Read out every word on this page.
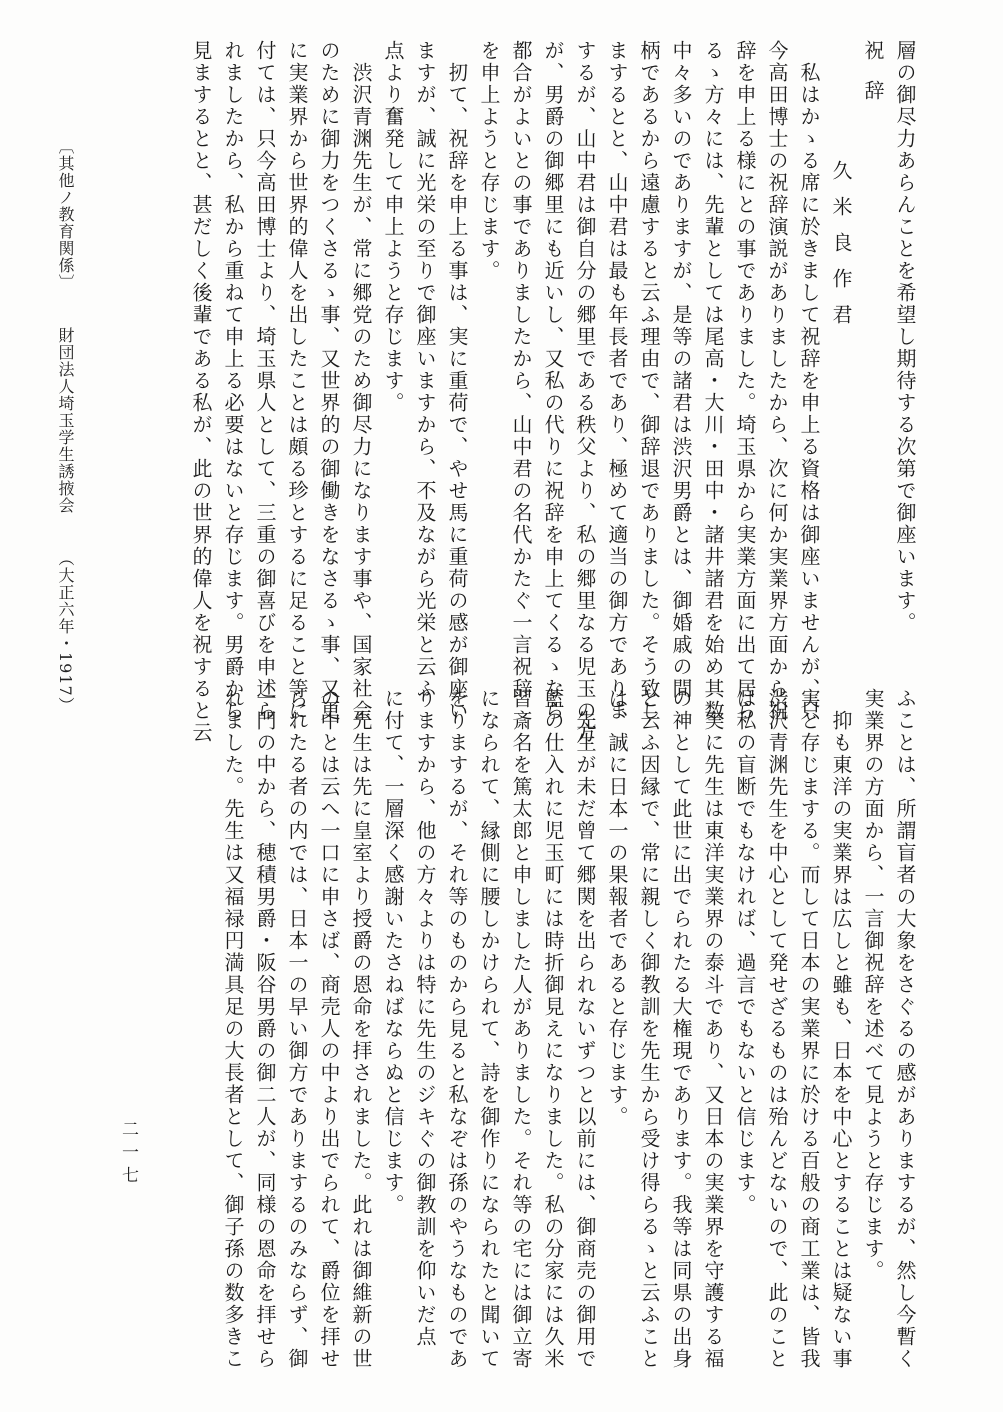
〔其他ノ教育関係〕財団法人埼玉学生誘掖会（大正六年・1917）	層の御尽力あらんことを希望し期待する次第で御座います。
祝辞
久米良作君
　私はかゝる席に於きまして祝辞を申上る資格は御座いませんが、只
今高田博士の祝辞演説がありましたから、次に何か実業界方面から祝
辞を申上る様にとの事でありました。埼玉県から実業方面に出て居ら
るゝ方々には、先輩としては尾高・大川・田中・諸井諸君を始め其数
中々多いのでありますが、是等の諸君は渋沢男爵とは、御婚戚の間
柄であるから遠慮すると云ふ理由で、御辞退でありました。そう致し
まするとと、山中君は最も年長者であり、極めて適当の御方でありま
するが、山中君は御自分の郷里である秩父より、私の郷里なる児玉の方
が、男爵の御郷里にも近いし、又私の代りに祝辞を申上てくるゝなら
都合がよいとの事でありましたから、山中君の名代かたぐ一言祝辞
を申上ようと存じます。
　扨て、祝辞を申上る事は、実に重荷で、やせ馬に重荷の感が御座い
ますが、誠に光栄の至りで御座いますから、不及ながら光栄と云ふ
点より奮発して申上ようと存じます。
　渋沢青渊先生が、常に郷党のため御尽力になります事や、国家社会
のために御力をつくさるゝ事、又世界的の御働きをなさるゝ事、又更
に実業界から世界的偉人を出したことは頗る珍とするに足ること等に
付ては、只今高田博士より、埼玉県人として、三重の御喜びを申述ら
れましたから、私から重ねて申上る必要はないと存じます。男爵から
見まするとと、甚だしく後輩である私が、此の世界的偉人を祝すると云
ふことは、所謂盲者の大象をさぐるの感がありまするが、然し今暫く
実業界の方面から、一言御祝辞を述べて見ようと存じます。
　抑も東洋の実業界は広しと雖も、日本を中心とすることは疑ない事
実と存じまする。而して日本の実業界に於ける百般の商工業は、皆我
渋沢青渊先生を中心として発せざるものは殆んどないので、此のこと
は私の盲断でもなければ、過言でもないと信じます。
　実に先生は東洋実業界の泰斗であり、又日本の実業界を守護する福
の神として此世に出でられたる大権現であります。我等は同県の出身
と云ふ因縁で、常に親しく御教訓を先生から受け得らるゝと云ふこと
は、誠に日本一の果報者であると存じます。
　先生が未だ曾て郷関を出られないずつと以前には、御商売の御用で
藍の仕入れに児玉町には時折御見えになりました。私の分家には久米
習斎名を篤太郎と申しました人がありました。それ等の宅には御立寄
になられて、縁側に腰しかけられて、詩を御作りになられたと聞いて
をりまするが、それ等のものから見ると私なぞは孫のやうなものであ
りますから、他の方々よりは特に先生のジキぐの御教訓を仰いだ点
に付て、一層深く感謝いたさねばならぬと信じます。
　先生は先に皇室より授爵の恩命を拝されました。此れは御維新の世
の中とは云へ一口に申さば、商売人の中より出でられて、爵位を拝せ
られたる者の内では、日本一の早い御方でありまするのみならず、御
一門の中から、穂積男爵・阪谷男爵の御二人が、同様の恩命を拝せら
れました。先生は又福禄円満具足の大長者として、御子孫の数多きこ
二一七
